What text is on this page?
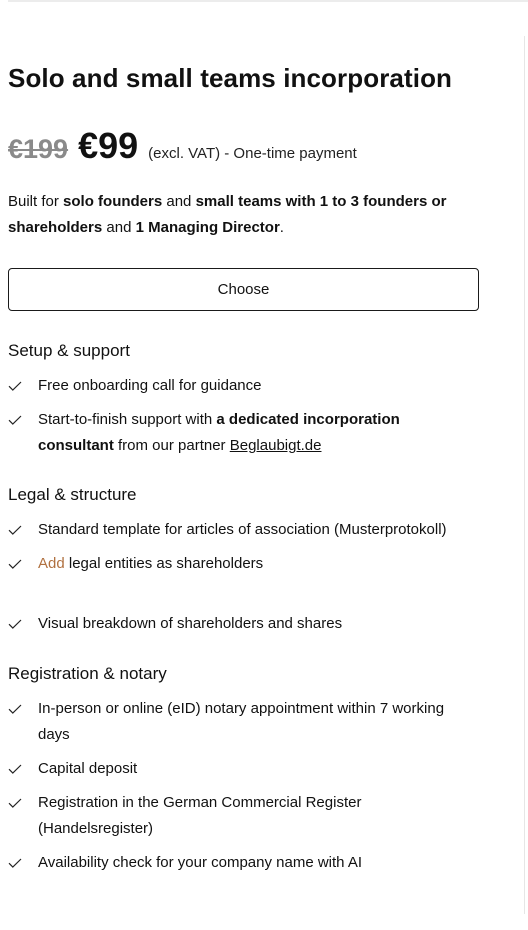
Solo and small teams incorporation
€199 €99 (excl. VAT) - One-time payment
Built for solo founders and small teams with 1 to 3 founders or shareholders and 1 Managing Director.
Choose
Setup & support
Free onboarding call for guidance
Start-to-finish support with a dedicated incorporation consultant from our partner Beglaubigt.de
Legal & structure
Standard template for articles of association (Musterprotokoll)
Add legal entities as shareholders
Visual breakdown of shareholders and shares
Registration & notary
In-person or online (eID) notary appointment within 7 working days
Capital deposit
Registration in the German Commercial Register (Handelsregister)
Availability check for your company name with AI
